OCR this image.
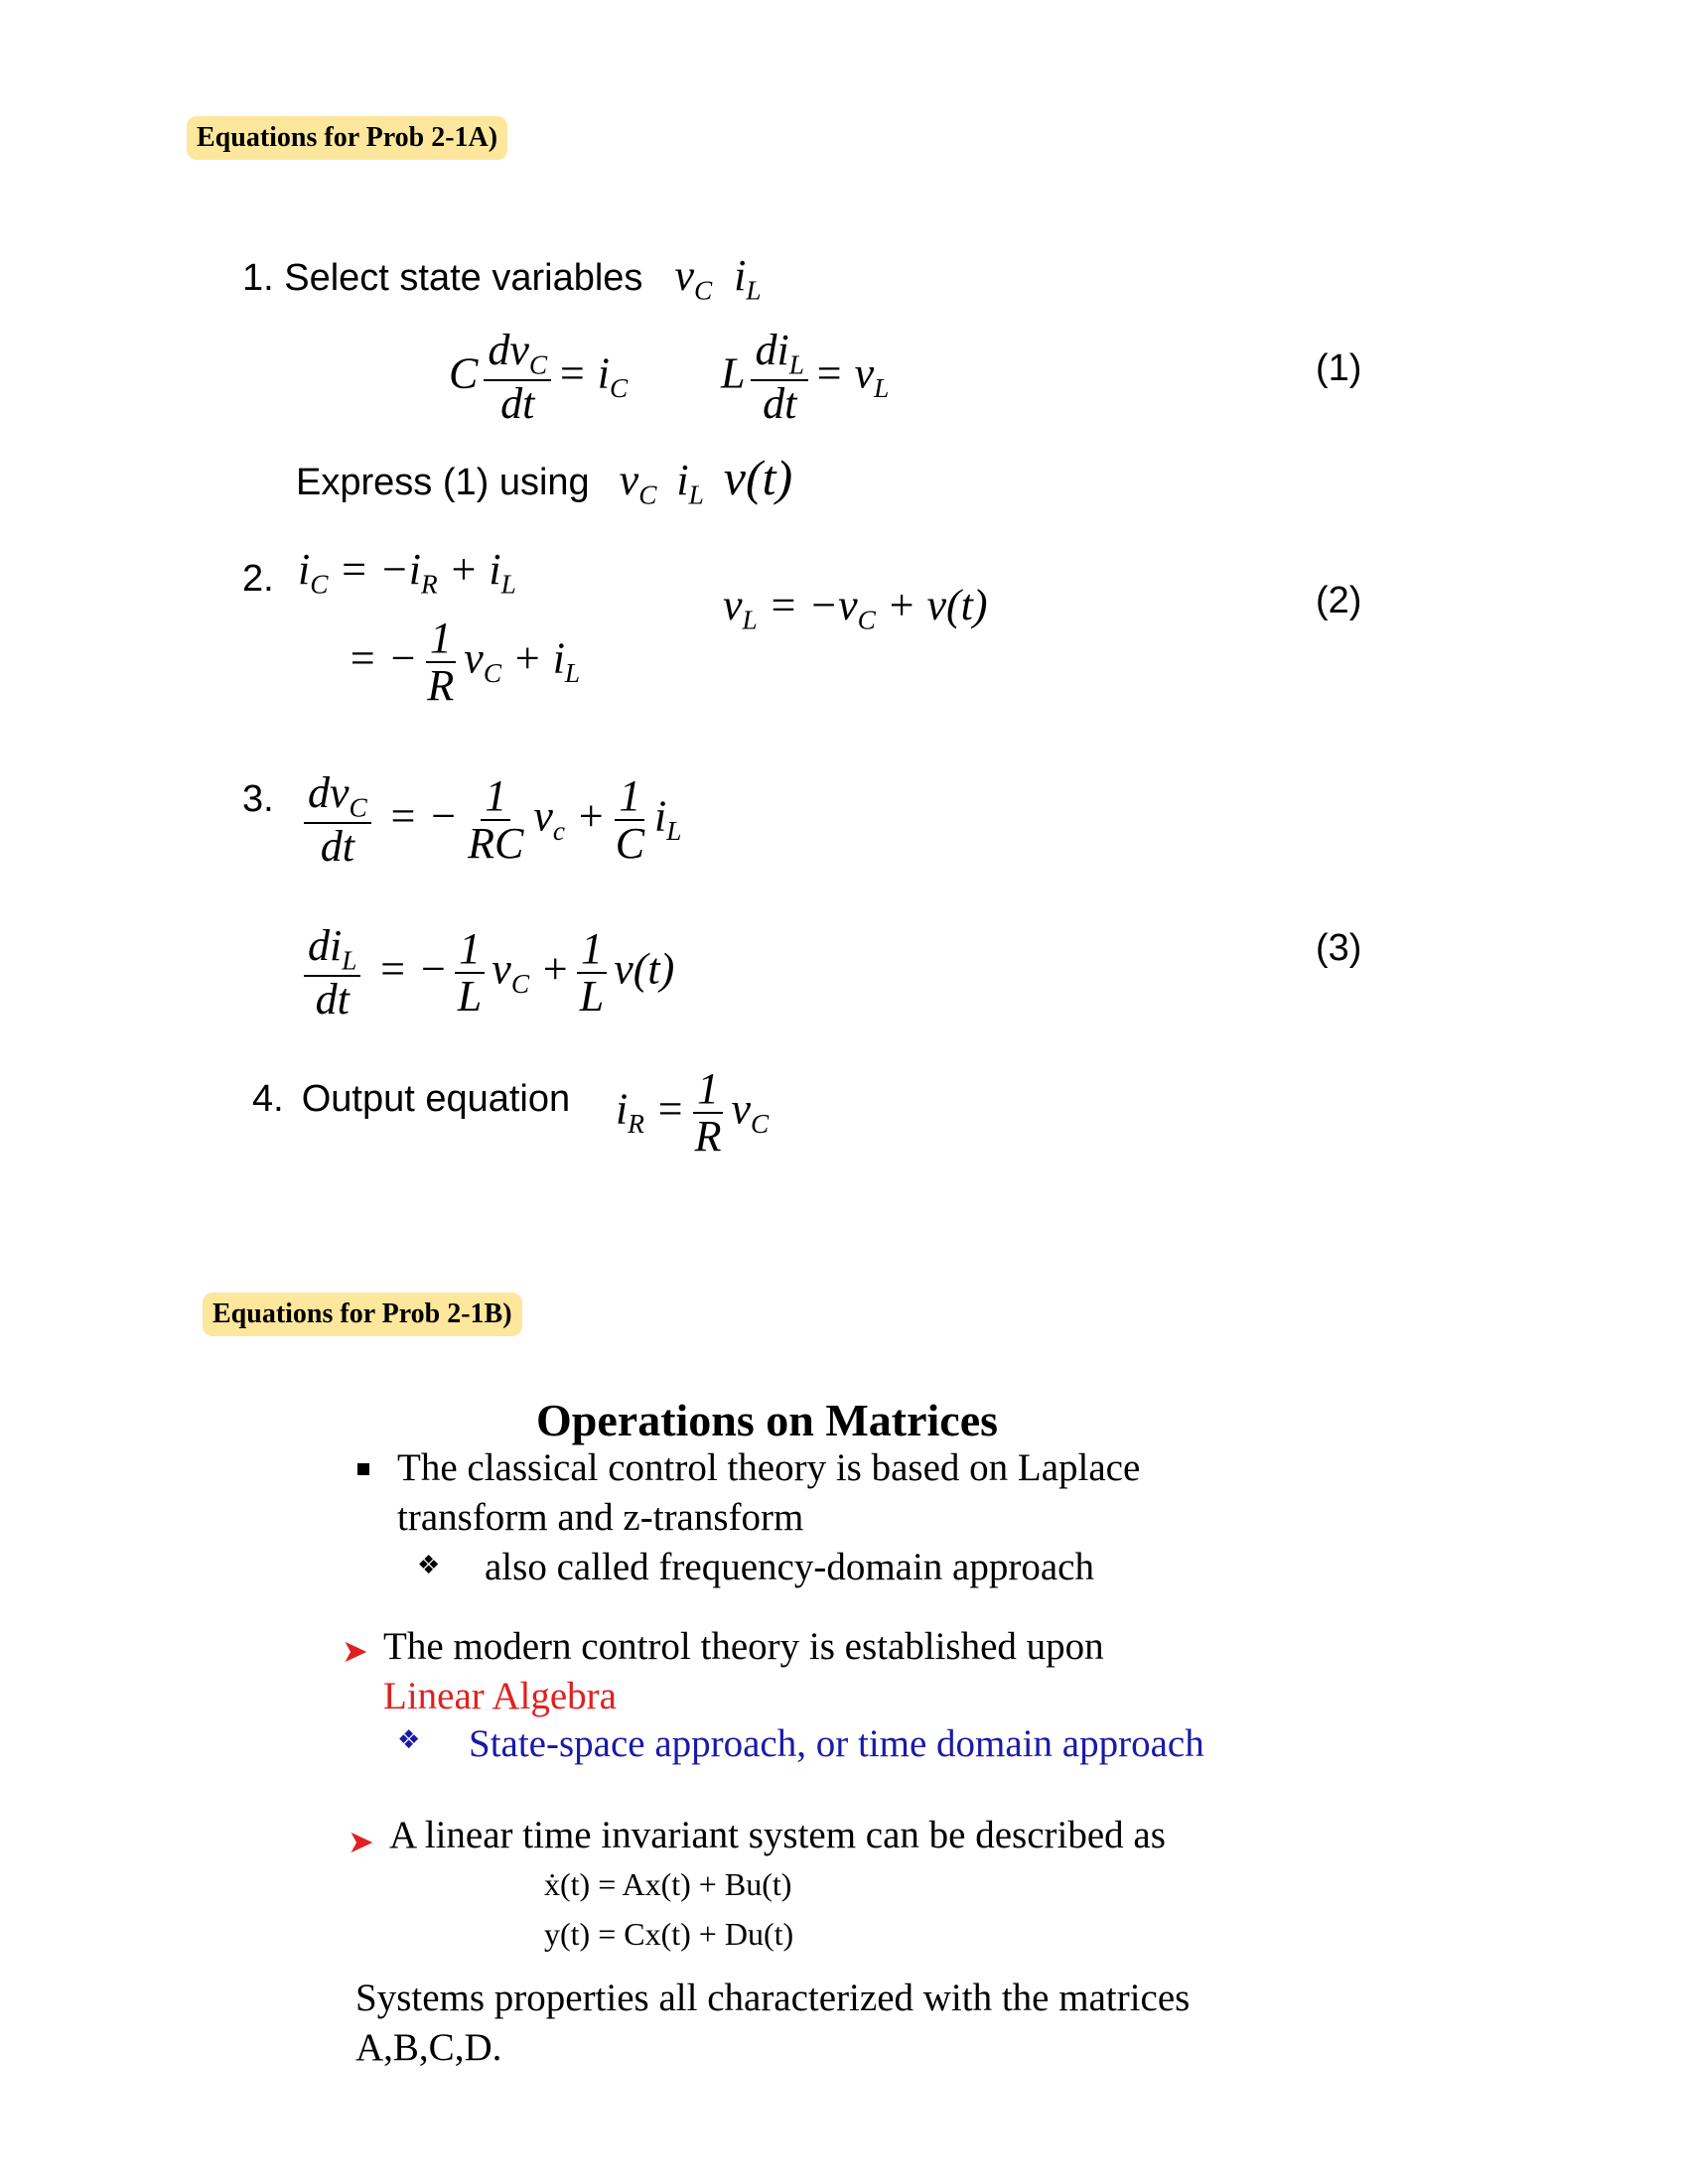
Equations for Prob 2-1A)
1. Select state variables $v_C$ $i_L$
C $\frac{dv_C}{dt} = i_C$ L $\frac{di_L}{dt} = v_L$	(1)
Express (1) using $v_C$ $i_L$ v(t)
2. $i_C = -i_R + i_L$
= − $\frac{1}{R} v_C + i_L$
$v_L = -v_C + v(t)$	(2)
3. $\frac{dv_C}{dt}$ = − $\frac{1}{RC} v_c + \frac{1}{C} i_L$
$\frac{di_L}{dt}$ = − $\frac{1}{L} v_C + \frac{1}{L} v(t)$	(3)
4. Output equation $i_R = \frac{1}{R} v_C$
Equations for Prob 2-1B)
Operations on Matrices
The classical control theory is based on Laplace
transform and z-transform
❖ also called frequency-domain approach
➤ The modern control theory is established upon
Linear Algebra
❖ State-space approach, or time domain approach
➤ A linear time invariant system can be described as
ẋ(t) = Ax(t) + Bu(t)
y(t) = Cx(t) + Du(t)
Systems properties all characterized with the matrices
A,B,C,D.
